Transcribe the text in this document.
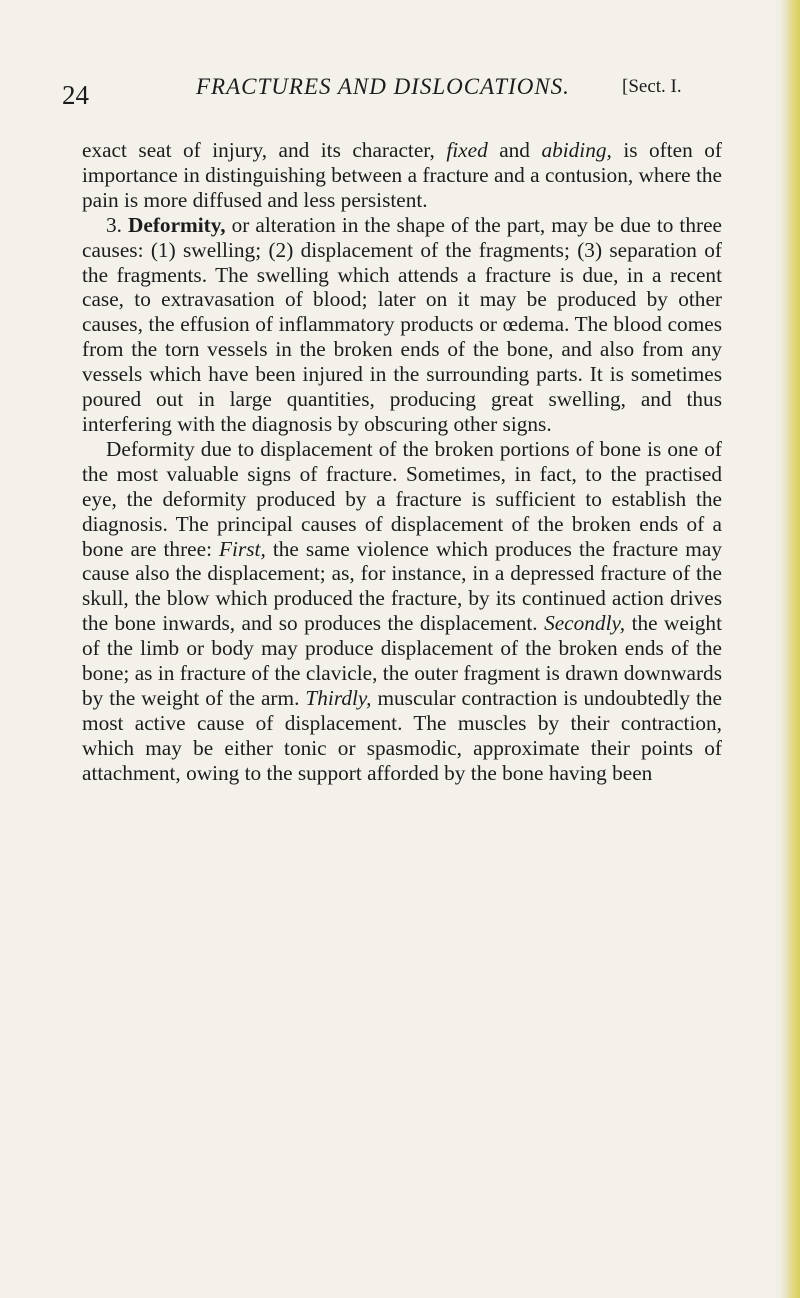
24	FRACTURES AND DISLOCATIONS.	[Sect. I.

exact seat of injury, and its character, fixed and abiding, is often of importance in distinguishing between a fracture and a contusion, where the pain is more diffused and less persistent.

3. Deformity, or alteration in the shape of the part, may be due to three causes: (1) swelling; (2) displacement of the fragments; (3) separation of the fragments. The swelling which attends a fracture is due, in a recent case, to extravasation of blood; later on it may be produced by other causes, the effusion of inflammatory products or œdema. The blood comes from the torn vessels in the broken ends of the bone, and also from any vessels which have been injured in the surrounding parts. It is sometimes poured out in large quantities, producing great swelling, and thus interfering with the diagnosis by obscuring other signs.

Deformity due to displacement of the broken portions of bone is one of the most valuable signs of fracture. Sometimes, in fact, to the practised eye, the deformity produced by a fracture is sufficient to establish the diagnosis. The principal causes of displacement of the broken ends of a bone are three: First, the same violence which produces the fracture may cause also the displacement; as, for instance, in a depressed fracture of the skull, the blow which produced the fracture, by its continued action drives the bone inwards, and so produces the displacement. Secondly, the weight of the limb or body may produce displacement of the broken ends of the bone; as in fracture of the clavicle, the outer fragment is drawn downwards by the weight of the arm. Thirdly, muscular contraction is undoubtedly the most active cause of displacement. The muscles by their contraction, which may be either tonic or spasmodic, approximate their points of attachment, owing to the support afforded by the bone having been
